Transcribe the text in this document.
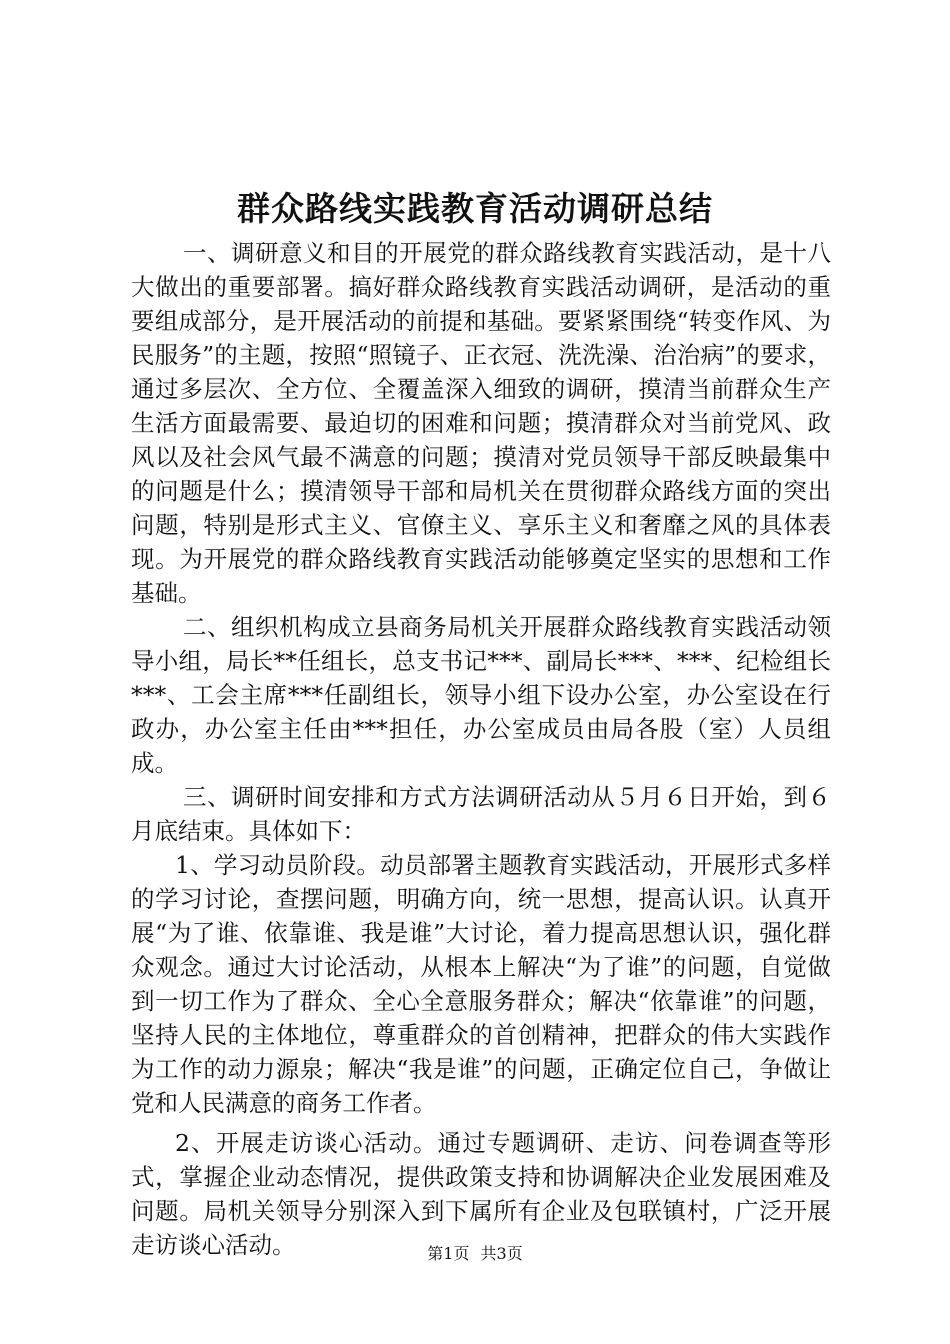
群众路线实践教育活动调研总结

一、调研意义和目的开展党的群众路线教育实践活动，是十八大做出的重要部署。搞好群众路线教育实践活动调研，是活动的重要组成部分，是开展活动的前提和基础。要紧紧围绕“转变作风、为民服务”的主题，按照“照镜子、正衣冠、洗洗澡、治治病”的要求，通过多层次、全方位、全覆盖深入细致的调研，摸清当前群众生产生活方面最需要、最迫切的困难和问题；摸清群众对当前党风、政风以及社会风气最不满意的问题；摸清对党员领导干部反映最集中的问题是什么；摸清领导干部和局机关在贯彻群众路线方面的突出问题，特别是形式主义、官僚主义、享乐主义和奢靡之风的具体表现。为开展党的群众路线教育实践活动能够奠定坚实的思想和工作基础。

二、组织机构成立县商务局机关开展群众路线教育实践活动领导小组，局长**任组长，总支书记***、副局长***、***、纪检组长***、工会主席***任副组长，领导小组下设办公室，办公室设在行政办，办公室主任由***担任，办公室成员由局各股（室）人员组成。

三、调研时间安排和方式方法调研活动从５月６日开始，到６月底结束。具体如下：

1、学习动员阶段。动员部署主题教育实践活动，开展形式多样的学习讨论，查摆问题，明确方向，统一思想，提高认识。认真开展“为了谁、依靠谁、我是谁”大讨论，着力提高思想认识，强化群众观念。通过大讨论活动，从根本上解决“为了谁”的问题，自觉做到一切工作为了群众、全心全意服务群众；解决“依靠谁”的问题，坚持人民的主体地位，尊重群众的首创精神，把群众的伟大实践作为工作的动力源泉；解决“我是谁”的问题，正确定位自己，争做让党和人民满意的商务工作者。

2、开展走访谈心活动。通过专题调研、走访、问卷调查等形式，掌握企业动态情况，提供政策支持和协调解决企业发展困难及问题。局机关领导分别深入到下属所有企业及包联镇村，广泛开展走访谈心活动。	第1页 共3页
